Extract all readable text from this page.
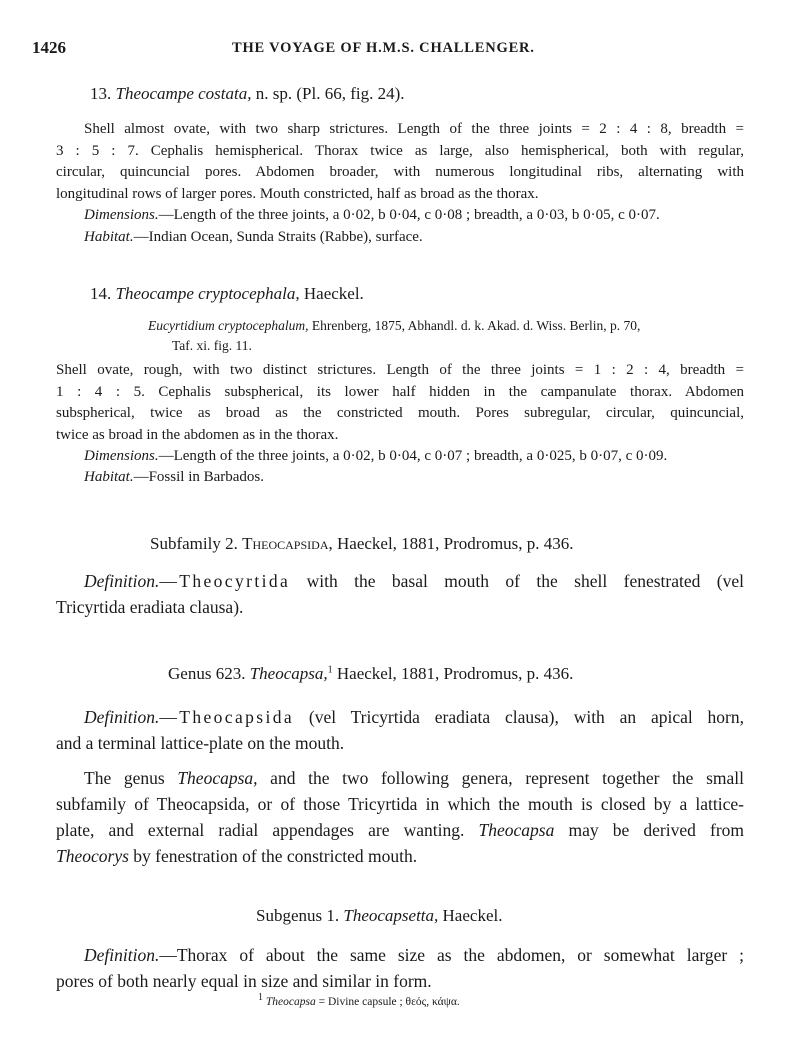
1426	THE VOYAGE OF H.M.S. CHALLENGER.
13. Theocampe costata, n. sp. (Pl. 66, fig. 24).
Shell almost ovate, with two sharp strictures. Length of the three joints = 2 : 4 : 8, breadth =
3 : 5 : 7. Cephalis hemispherical. Thorax twice as large, also hemispherical, both with regular,
circular, quincuncial pores. Abdomen broader, with numerous longitudinal ribs, alternating with
longitudinal rows of larger pores. Mouth constricted, half as broad as the thorax.
Dimensions.—Length of the three joints, a 0·02, b 0·04, c 0·08 ; breadth, a 0·03, b 0·05, c 0·07.
Habitat.—Indian Ocean, Sunda Straits (Rabbe), surface.
14. Theocampe cryptocephala, Haeckel.
Eucyrtidium cryptocephalum, Ehrenberg, 1875, Abhandl. d. k. Akad. d. Wiss. Berlin, p. 70,
Taf. xi. fig. 11.
Shell ovate, rough, with two distinct strictures. Length of the three joints = 1 : 2 : 4, breadth =
1 : 4 : 5. Cephalis subspherical, its lower half hidden in the campanulate thorax. Abdomen
subspherical, twice as broad as the constricted mouth. Pores subregular, circular, quincuncial,
twice as broad in the abdomen as in the thorax.
Dimensions.—Length of the three joints, a 0·02, b 0·04, c 0·07 ; breadth, a 0·025, b 0·07, c 0·09.
Habitat.—Fossil in Barbados.
Subfamily 2. Theocapsida, Haeckel, 1881, Prodromus, p. 436.
Definition.—Theocyrtida with the basal mouth of the shell fenestrated (vel
Tricyrtida eradiata clausa).
Genus 623. Theocapsa,$^1$ Haeckel, 1881, Prodromus, p. 436.
Definition.—Theocapsida (vel Tricyrtida eradiata clausa), with an apical horn,
and a terminal lattice-plate on the mouth.
The genus Theocapsa, and the two following genera, represent together the small
subfamily of Theocapsida, or of those Tricyrtida in which the mouth is closed by a lattice-
plate, and external radial appendages are wanting. Theocapsa may be derived from
Theocorys by fenestration of the constricted mouth.
Subgenus 1. Theocapsetta, Haeckel.
Definition.—Thorax of about the same size as the abdomen, or somewhat larger ;
pores of both nearly equal in size and similar in form.
$^1$ Theocapsa = Divine capsule ; θεός, κάψα.
